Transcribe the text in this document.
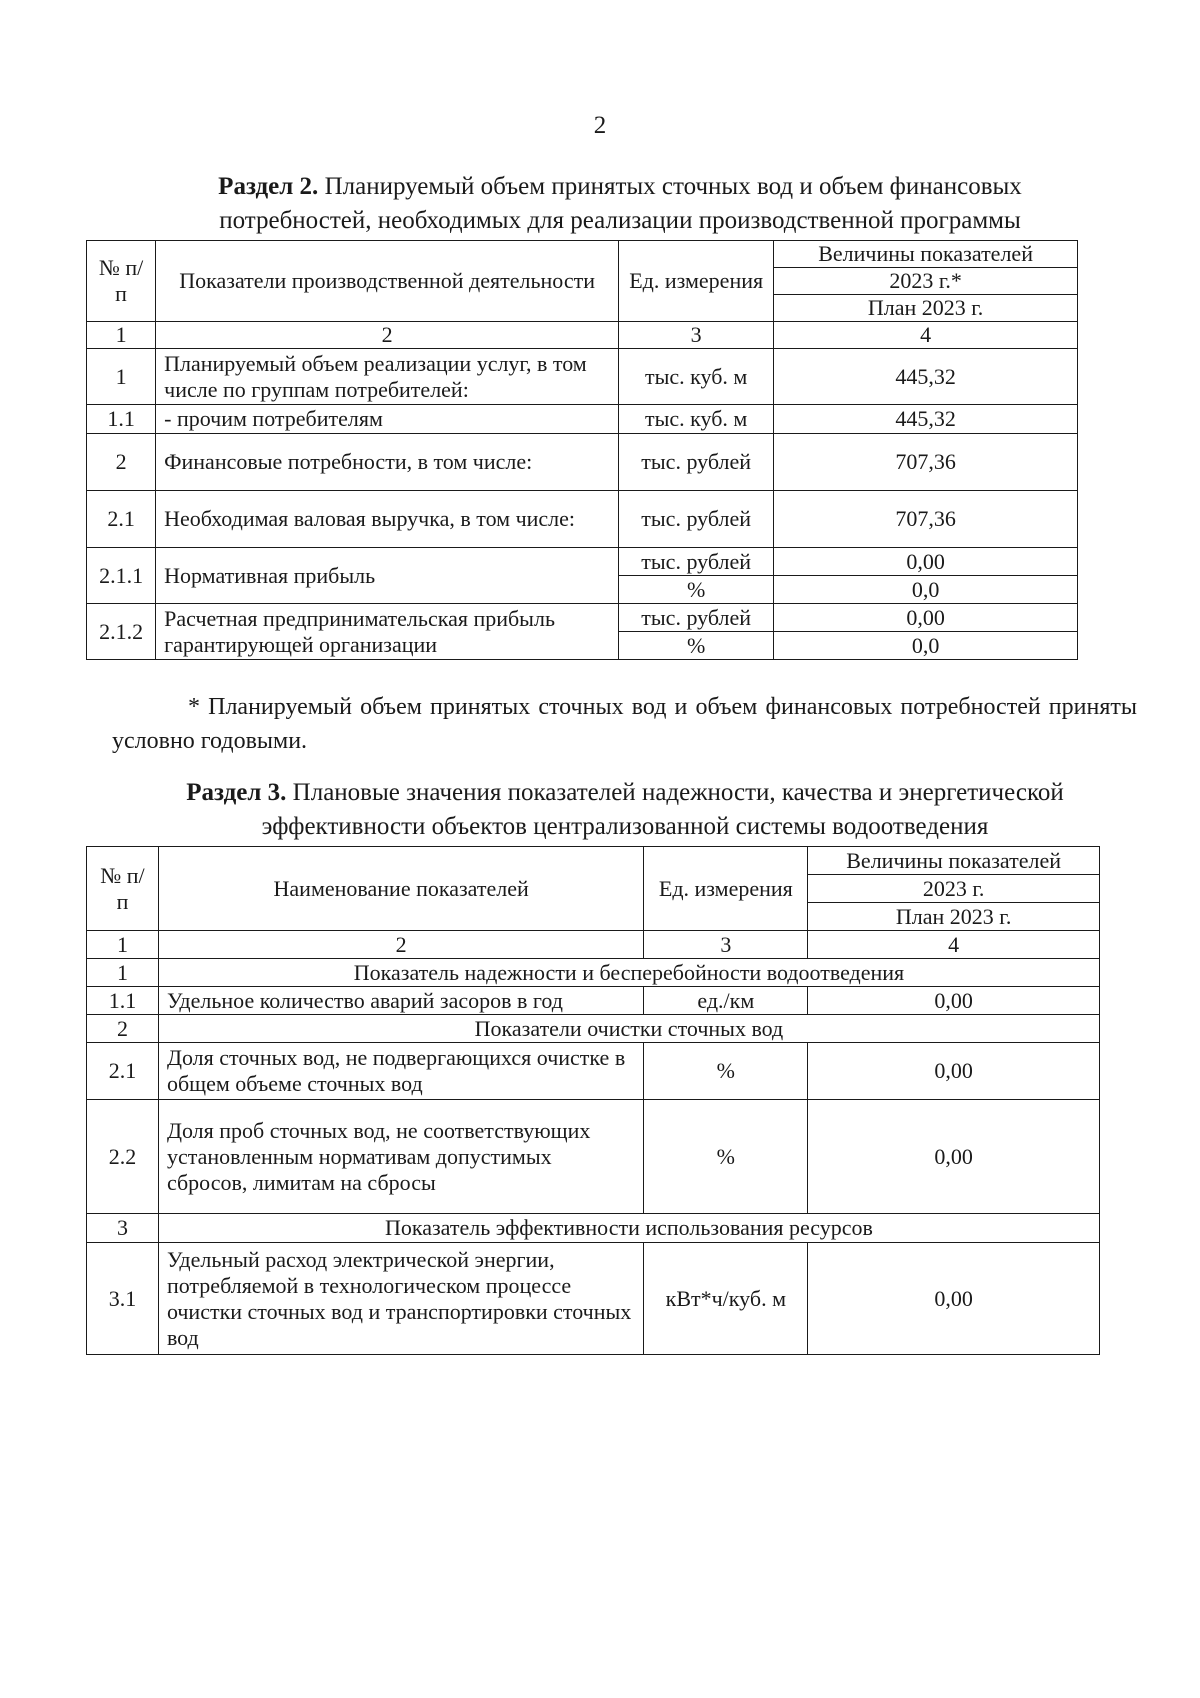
2
Раздел 2. Планируемый объем принятых сточных вод и объем финансовых потребностей, необходимых для реализации производственной программы
№ п/п	Показатели производственной деятельности	Ед. измерения	Величины показателей
			2023 г.*
			План 2023 г.
1	2	3	4
1	Планируемый объем реализации услуг, в том числе по группам потребителей:	тыс. куб. м	445,32
1.1	- прочим потребителям	тыс. куб. м	445,32
2	Финансовые потребности, в том числе:	тыс. рублей	707,36
2.1	Необходимая валовая выручка, в том числе:	тыс. рублей	707,36
2.1.1	Нормативная прибыль	тыс. рублей	0,00
		%	0,0
2.1.2	Расчетная предпринимательская прибыль гарантирующей организации	тыс. рублей	0,00
		%	0,0
* Планируемый объем принятых сточных вод и объем финансовых потребностей приняты условно годовыми.
Раздел 3. Плановые значения показателей надежности, качества и энергетической эффективности объектов централизованной системы водоотведения
№ п/п	Наименование показателей	Ед. измерения	Величины показателей
			2023 г.
			План 2023 г.
1	2	3	4
1	Показатель надежности и бесперебойности водоотведения		
1.1	Удельное количество аварий засоров в год	ед./км	0,00
2	Показатели очистки сточных вод		
2.1	Доля сточных вод, не подвергающихся очистке в общем объеме сточных вод	%	0,00
2.2	Доля проб сточных вод, не соответствующих установленным нормативам допустимых сбросов, лимитам на сбросы	%	0,00
3	Показатель эффективности использования ресурсов		
3.1	Удельный расход электрической энергии, потребляемой в технологическом процессе очистки сточных вод и транспортировки сточных вод	кВт*ч/куб. м	0,00
